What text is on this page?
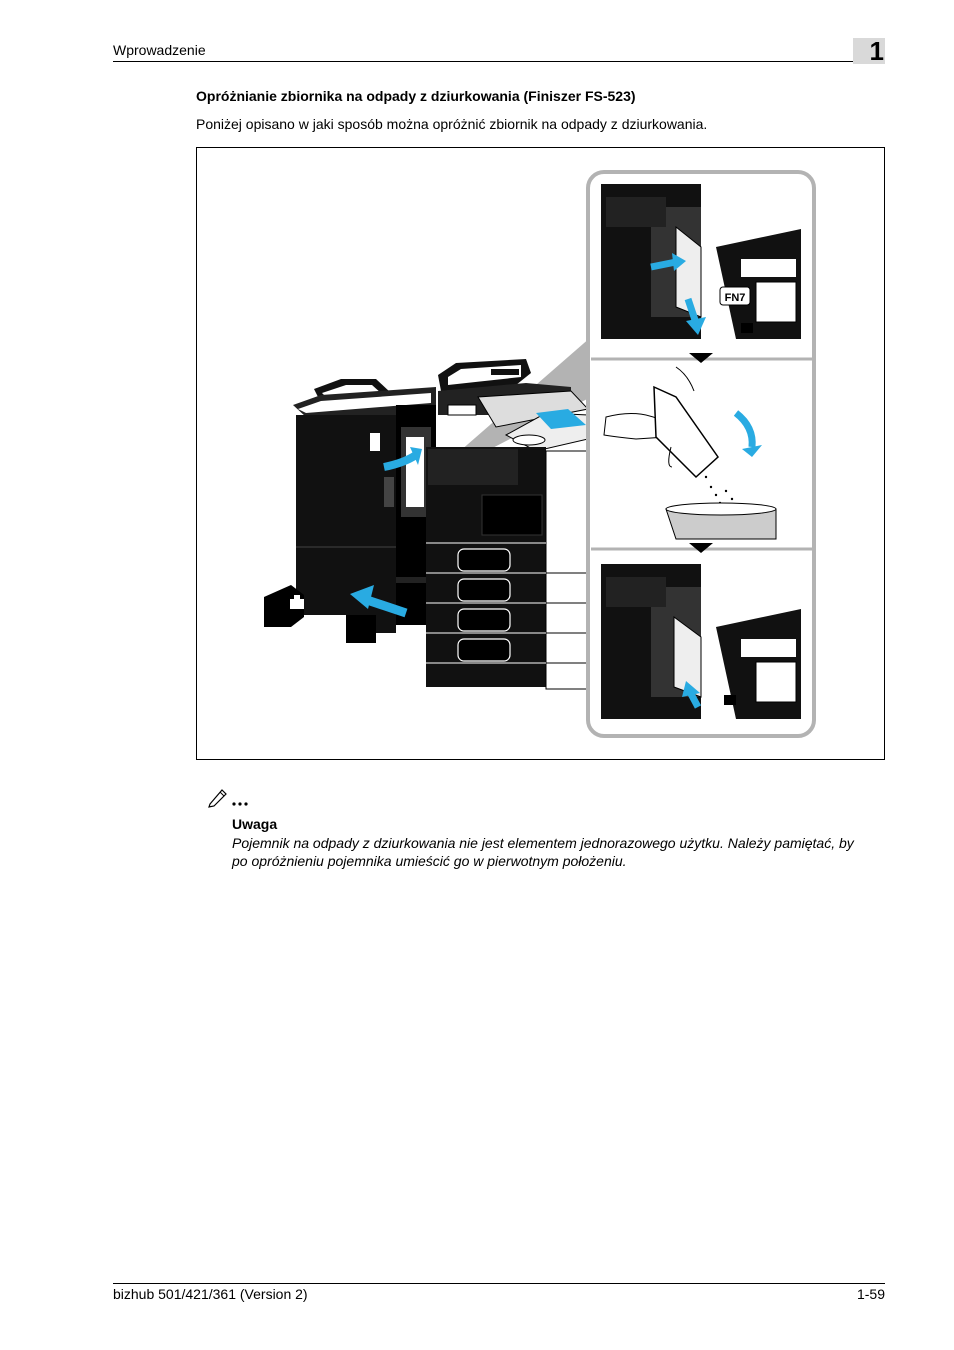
Wprowadzenie	1
Opróżnianie zbiornika na odpady z dziurkowania (Finiszer FS-523)
Poniżej opisano w jaki sposób można opróżnić zbiornik na odpady z dziurkowania.
FN7
Uwaga
Pojemnik na odpady z dziurkowania nie jest elementem jednorazowego użytku. Należy pamiętać, by
po opróżnieniu pojemnika umieścić go w pierwotnym położeniu.
bizhub 501/421/361 (Version 2)	1-59
